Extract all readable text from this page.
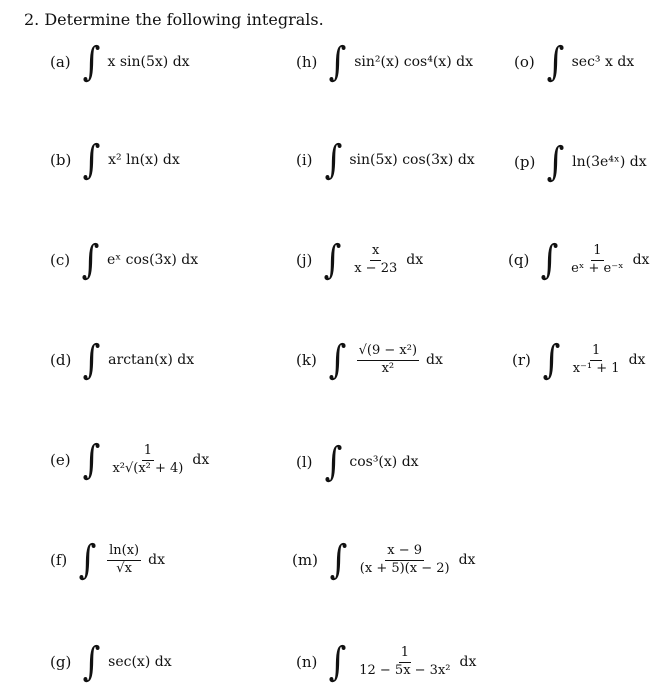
2. Determine the following integrals.
(a) ∫ x sin(5x) dx
(b) ∫ x² ln(x) dx
(c) ∫ eˣ cos(3x) dx
(d) ∫ arctan(x) dx
(e) ∫ $\frac{1}{\text{x²√(x² + 4)}}$ dx
(f) ∫ $\frac{\ln(x)}{√x}$ dx
(g) ∫ sec(x) dx
(h) ∫ sin²(x) cos⁴(x) dx
(i) ∫ sin(5x) cos(3x) dx
(j) ∫ $\frac{x}{x - 23}$ dx
(k) ∫ $\frac{\text{√(9 − x²)}}{\text{x²}}$ dx
(l) ∫ cos³(x) dx
(m) ∫ $\frac{x - 9}{(x + 5)(x - 2)}$ dx
(n) ∫ $\frac{1}{\text{12 − 5x − 3x²}}$ dx
(o) ∫ sec³ x dx
(p) ∫ ln(3e⁴ˣ) dx
(q) ∫ $\frac{1}{\text{eˣ + e⁻ˣ}}$ dx
(r) ∫ $\frac{1}{\text{x⁻¹ + 1}}$ dx
